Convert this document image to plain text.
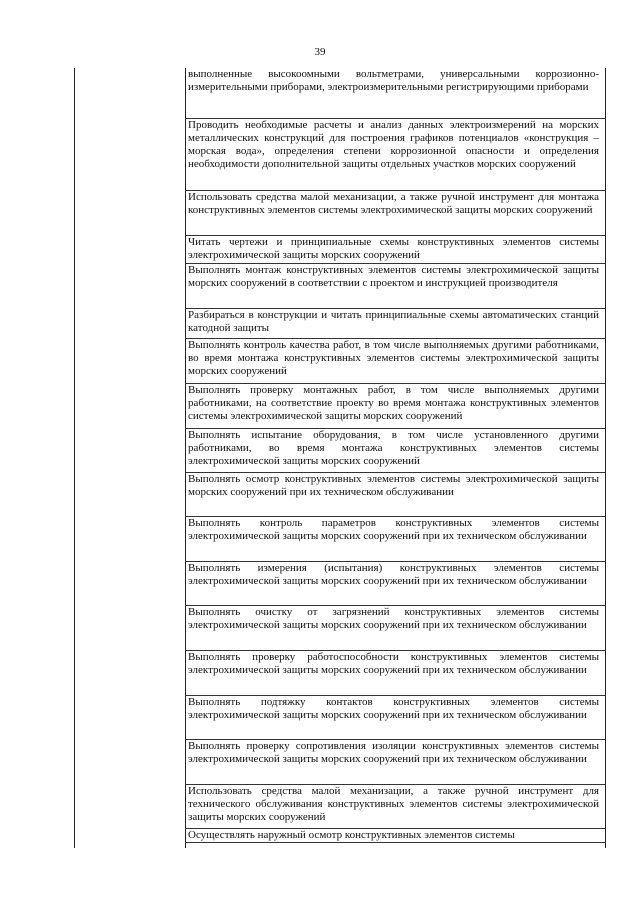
39
выполненные высокоомными вольтметрами, универсальными коррозионно-измерительными приборами, электроизмерительными регистрирующими приборами
Проводить необходимые расчеты и анализ данных электроизмерений на морских металлических конструкций для построения графиков потенциалов «конструкция – морская вода», определения степени коррозионной опасности и определения необходимости дополнительной защиты отдельных участков морских сооружений
Использовать средства малой механизации, а также ручной инструмент для монтажа конструктивных элементов системы электрохимической защиты морских сооружений
Читать чертежи и принципиальные схемы конструктивных элементов системы электрохимической защиты морских сооружений
Выполнять монтаж конструктивных элементов системы электрохимической защиты морских сооружений в соответствии с проектом и инструкцией производителя
Разбираться в конструкции и читать принципиальные схемы автоматических станций катодной защиты
Выполнять контроль качества работ, в том числе выполняемых другими работниками, во время монтажа конструктивных элементов системы электрохимической защиты морских сооружений
Выполнять проверку монтажных работ, в том числе выполняемых другими работниками, на соответствие проекту во время монтажа конструктивных элементов системы электрохимической защиты морских сооружений
Выполнять испытание оборудования, в том числе установленного другими работниками, во время монтажа конструктивных элементов системы электрохимической защиты морских сооружений
Выполнять осмотр конструктивных элементов системы электрохимической защиты морских сооружений при их техническом обслуживании
Выполнять контроль параметров конструктивных элементов системы электрохимической защиты морских сооружений при их техническом обслуживании
Выполнять измерения (испытания) конструктивных элементов системы электрохимической защиты морских сооружений при их техническом обслуживании
Выполнять очистку от загрязнений конструктивных элементов системы электрохимической защиты морских сооружений при их техническом обслуживании
Выполнять проверку работоспособности конструктивных элементов системы электрохимической защиты морских сооружений при их техническом обслуживании
Выполнять подтяжку контактов конструктивных элементов системы электрохимической защиты морских сооружений при их техническом обслуживании
Выполнять проверку сопротивления изоляции конструктивных элементов системы электрохимической защиты морских сооружений при их техническом обслуживании
Использовать средства малой механизации, а также ручной инструмент для технического обслуживания конструктивных элементов системы электрохимической защиты морских сооружений
Осуществлять наружный осмотр конструктивных элементов системы
